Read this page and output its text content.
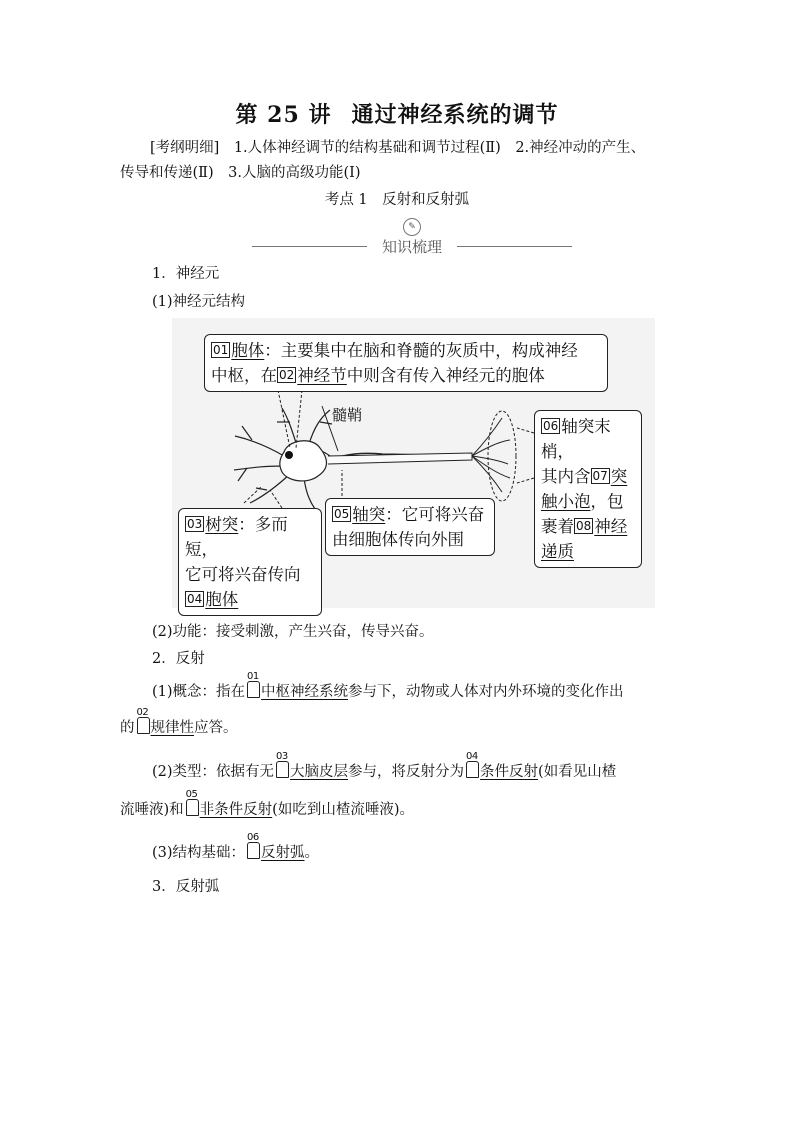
第 25 讲 通过神经系统的调节
[考纲明细]　1.人体神经调节的结构基础和调节过程(Ⅱ)　2.神经冲动的产生、
传导和传递(Ⅱ)　3.人脑的高级功能(Ⅰ)
考点 1　反射和反射弧
✎
知识梳理
1．神经元
(1)神经元结构
髓鞘
01 胞体：主要集中在脑和脊髓的灰质中，构成神经
中枢，在 02 神经节中则含有传入神经元的胞体
03 树突：多而短，
它可将兴奋传向
04 胞体
05 轴突：它可将兴奋
由细胞体传向外围
06 轴突末梢，
其内含 07 突
触小泡，包
裹着 08 神经
递质
(2)功能：接受刺激，产生兴奋，传导兴奋。
2．反射
(1)概念：指在
01
中枢神经系统参与下，动物或人体对内外环境的变化作出
的
02
规律性应答。
(2)类型：依据有无
03
大脑皮层参与，将反射分为
04
条件反射(如看见山楂
流唾液)和
05
非条件反射(如吃到山楂流唾液)。
(3)结构基础：
06
反射弧。
3．反射弧
